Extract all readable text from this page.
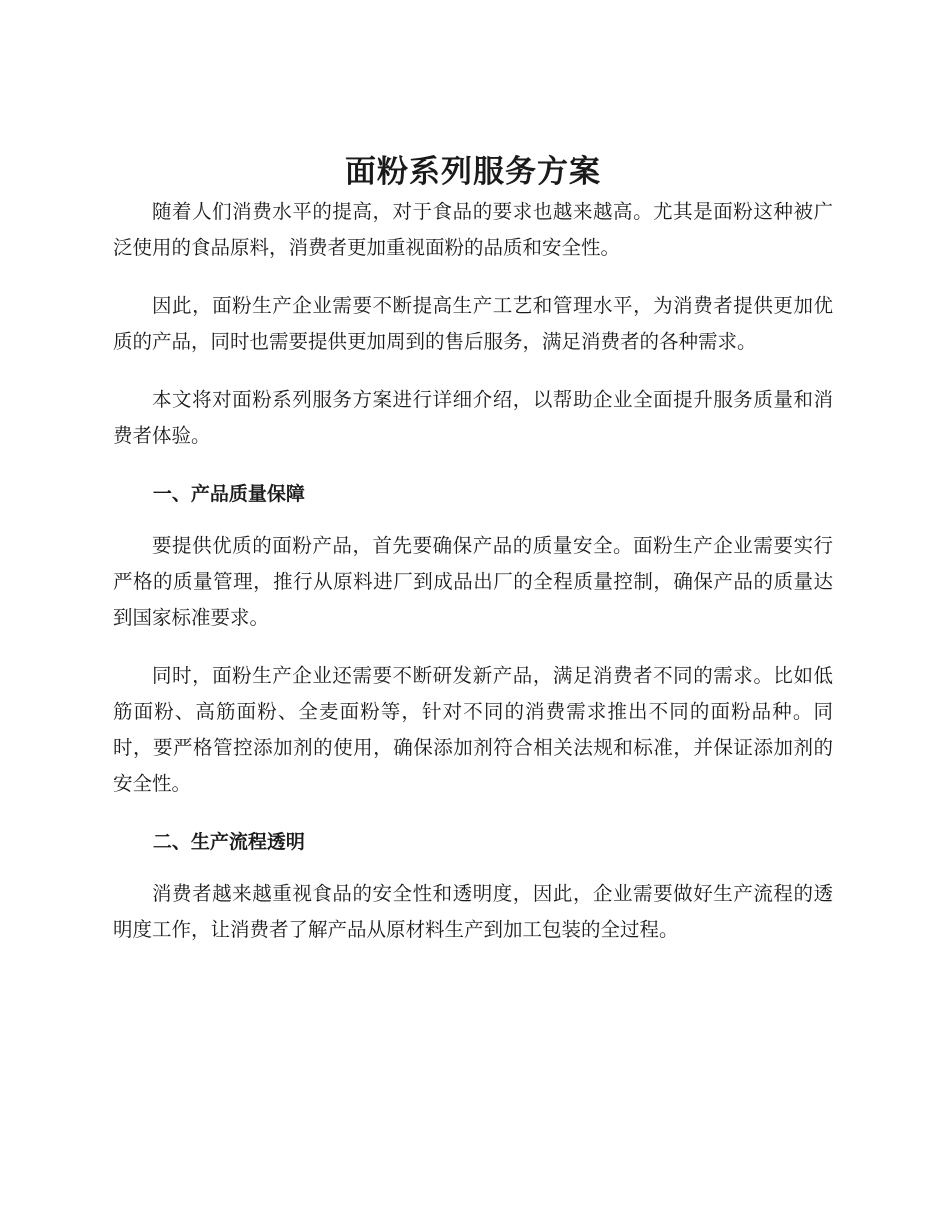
面粉系列服务方案

随着人们消费水平的提高，对于食品的要求也越来越高。尤其是面粉这种被广泛使用的食品原料，消费者更加重视面粉的品质和安全性。

因此，面粉生产企业需要不断提高生产工艺和管理水平，为消费者提供更加优质的产品，同时也需要提供更加周到的售后服务，满足消费者的各种需求。

本文将对面粉系列服务方案进行详细介绍，以帮助企业全面提升服务质量和消费者体验。

一、产品质量保障

要提供优质的面粉产品，首先要确保产品的质量安全。面粉生产企业需要实行严格的质量管理，推行从原料进厂到成品出厂的全程质量控制，确保产品的质量达到国家标准要求。

同时，面粉生产企业还需要不断研发新产品，满足消费者不同的需求。比如低筋面粉、高筋面粉、全麦面粉等，针对不同的消费需求推出不同的面粉品种。同时，要严格管控添加剂的使用，确保添加剂符合相关法规和标准，并保证添加剂的安全性。

二、生产流程透明

消费者越来越重视食品的安全性和透明度，因此，企业需要做好生产流程的透明度工作，让消费者了解产品从原材料生产到加工包装的全过程。
